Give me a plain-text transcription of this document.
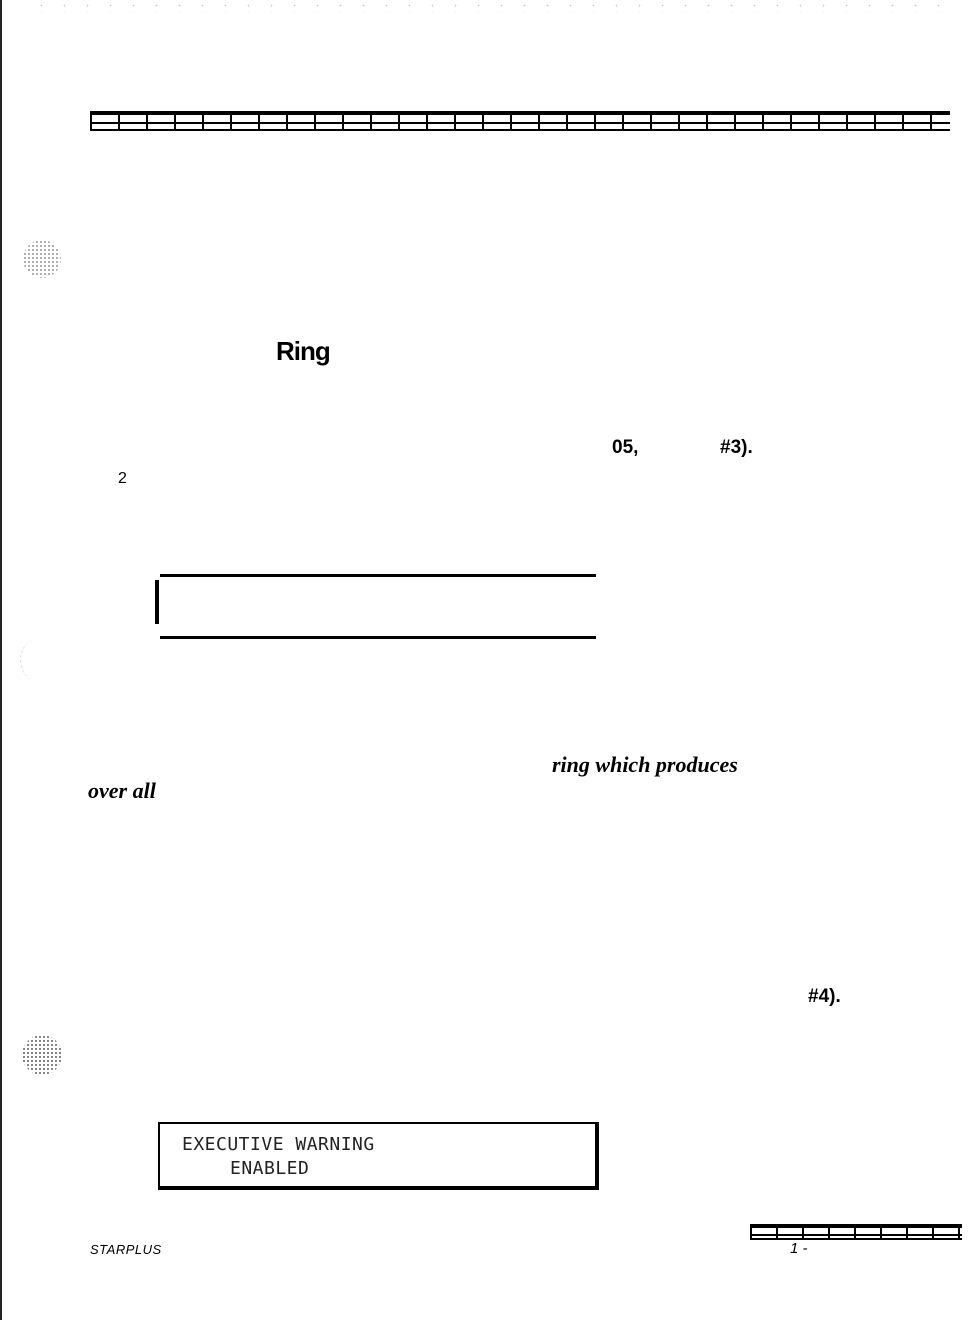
Ring
05,	#3).
2
ring which produces
over all
#4).
EXECUTIVE WARNING
ENABLED
STARPLUS	1 -
